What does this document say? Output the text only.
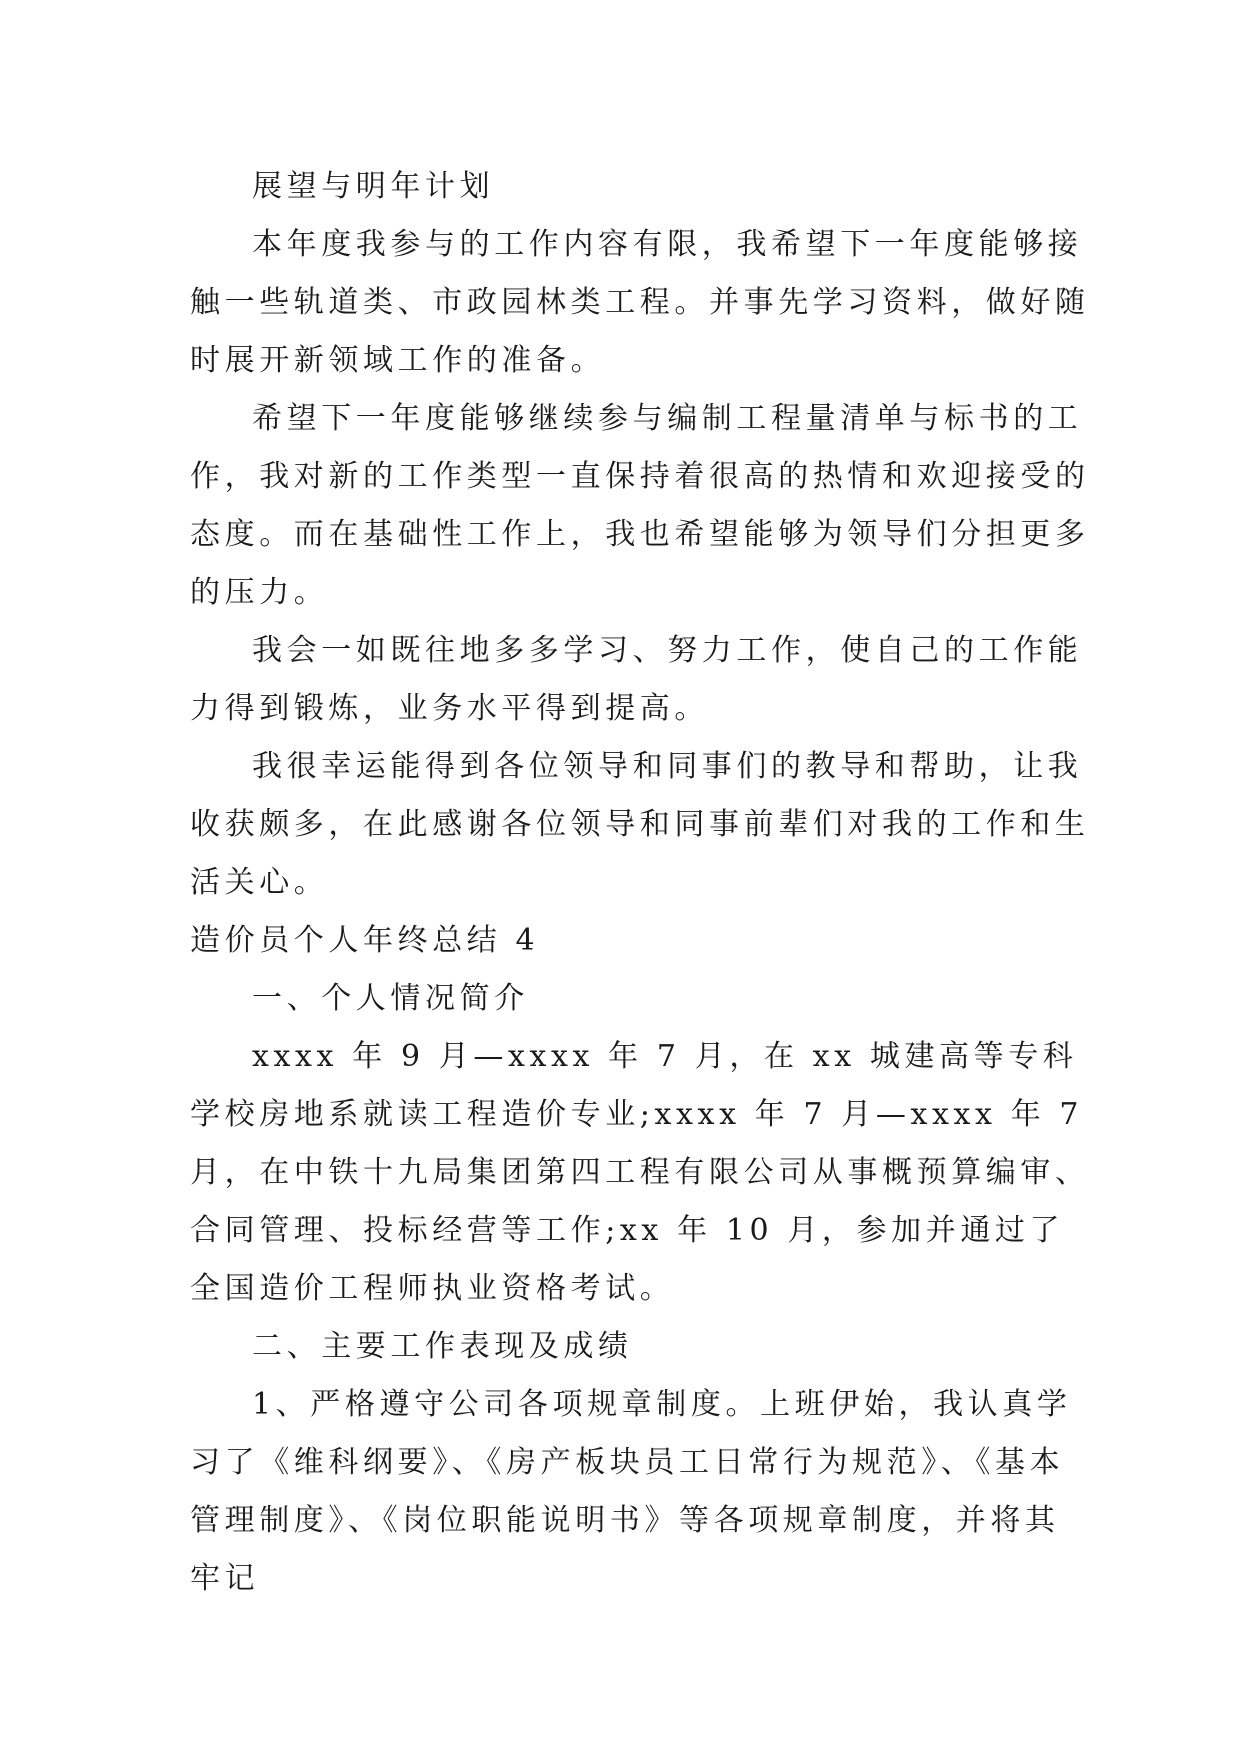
展望与明年计划

本年度我参与的工作内容有限，我希望下一年度能够接触一些轨道类、市政园林类工程。并事先学习资料，做好随时展开新领域工作的准备。

希望下一年度能够继续参与编制工程量清单与标书的工作，我对新的工作类型一直保持着很高的热情和欢迎接受的态度。而在基础性工作上，我也希望能够为领导们分担更多的压力。

我会一如既往地多多学习、努力工作，使自己的工作能力得到锻炼，业务水平得到提高。

我很幸运能得到各位领导和同事们的教导和帮助，让我收获颇多，在此感谢各位领导和同事前辈们对我的工作和生活关心。

造价员个人年终总结 4

一、个人情况简介

xxxx 年 9 月—xxxx 年 7 月，在 xx 城建高等专科学校房地系就读工程造价专业;xxxx 年 7 月—xxxx 年 7 月，在中铁十九局集团第四工程有限公司从事概预算编审、合同管理、投标经营等工作;xx 年 10 月，参加并通过了全国造价工程师执业资格考试。

二、主要工作表现及成绩

1、严格遵守公司各项规章制度。上班伊始，我认真学习了《维科纲要》、《房产板块员工日常行为规范》、《基本管理制度》、《岗位职能说明书》等各项规章制度，并将其牢记
